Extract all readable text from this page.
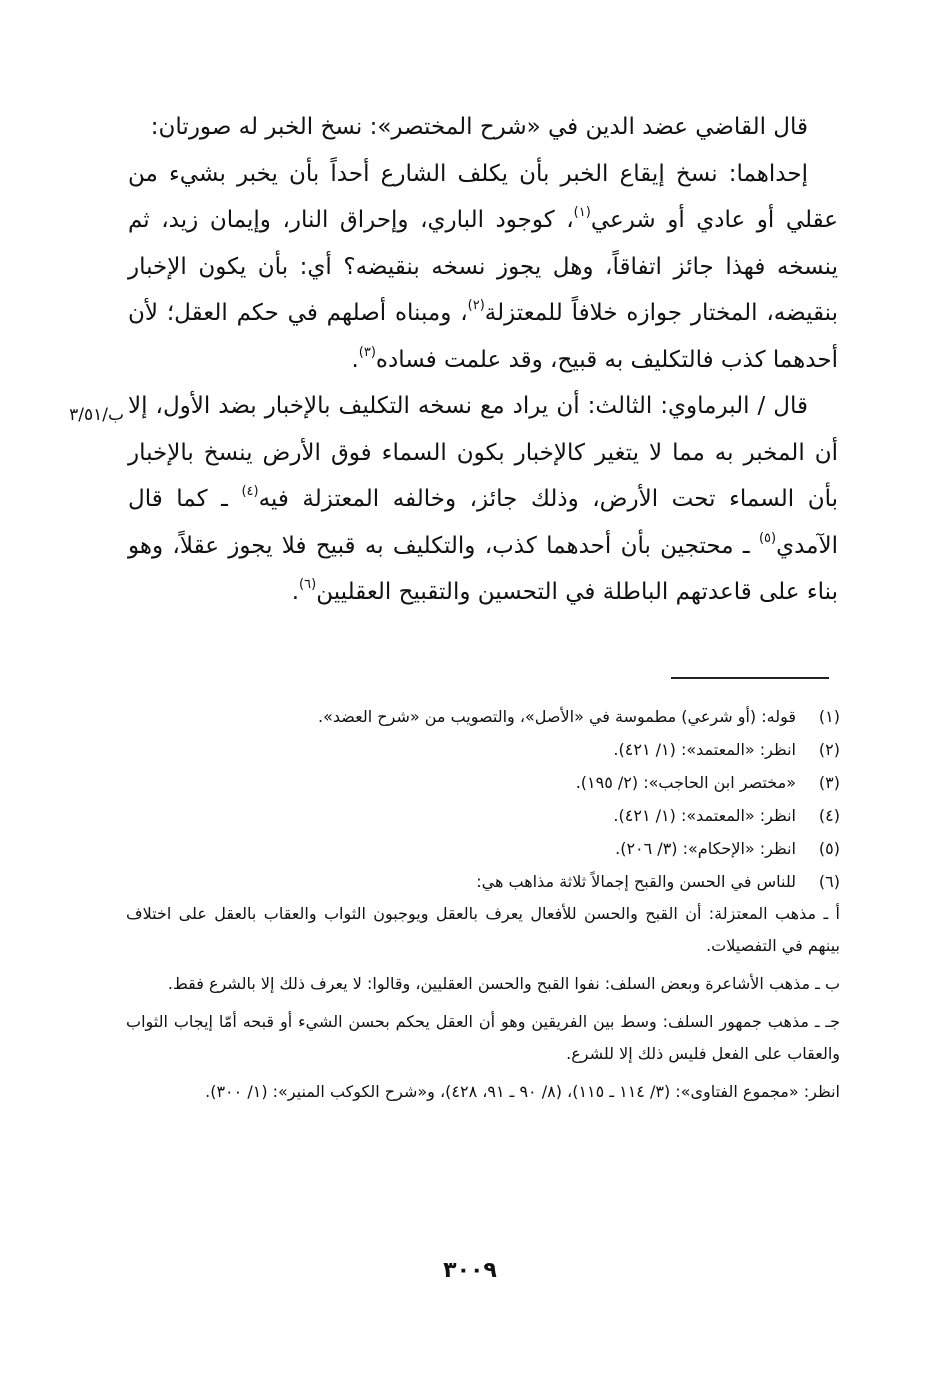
قال القاضي عضد الدين في «شرح المختصر»: نسخ الخبر له صورتان:

إحداهما: نسخ إيقاع الخبر بأن يكلف الشارع أحداً بأن يخبر بشيء من عقلي أو عادي أو شرعي$^{(١)}$، كوجود الباري، وإحراق النار، وإيمان زيد، ثم ينسخه فهذا جائز اتفاقاً، وهل يجوز نسخه بنقيضه؟ أي: بأن يكون الإخبار بنقيضه، المختار جوازه خلافاً للمعتزلة$^{(٢)}$، ومبناه أصلهم في حكم العقل؛ لأن أحدهما كذب فالتكليف به قبيح، وقد علمت فساده$^{(٣)}$.

قال / البرماوي: الثالث: أن يراد مع نسخه التكليف بالإخبار بضد الأول، إلا أن المخبر به مما لا يتغير كالإخبار بكون السماء فوق الأرض ينسخ بالإخبار بأن السماء تحت الأرض، وذلك جائز، وخالفه المعتزلة فيه$^{(٤)}$ ـ كما قال الآمدي$^{(٥)}$ ـ محتجين بأن أحدهما كذب، والتكليف به قبيح فلا يجوز عقلاً، وهو بناء على قاعدتهم الباطلة في التحسين والتقبيح العقليين$^{(٦)}$.

ب/٣/٥١
(١)
قوله: (أو شرعي) مطموسة في «الأصل»، والتصويب من «شرح العضد».
(٢)
انظر: «المعتمد»: (١/ ٤٢١).
(٣)
«مختصر ابن الحاجب»: (٢/ ١٩٥).
(٤)
انظر: «المعتمد»: (١/ ٤٢١).
(٥)
انظر: «الإحكام»: (٣/ ٢٠٦).
(٦)
للناس في الحسن والقبح إجمالاً ثلاثة مذاهب هي:
أ ـ مذهب المعتزلة: أن القبح والحسن للأفعال يعرف بالعقل ويوجبون الثواب والعقاب بالعقل على اختلاف بينهم في التفصيلات.
ب ـ مذهب الأشاعرة وبعض السلف: نفوا القبح والحسن العقليين، وقالوا: لا يعرف ذلك إلا بالشرع فقط.
جـ ـ مذهب جمهور السلف: وسط بين الفريقين وهو أن العقل يحكم بحسن الشيء أو قبحه أمّا إيجاب الثواب والعقاب على الفعل فليس ذلك إلا للشرع.
انظر: «مجموع الفتاوى»: (٣/ ١١٤ ـ ١١٥)، (٨/ ٩٠ ـ ٩١، ٤٢٨)، و«شرح الكوكب المنير»: (١/ ٣٠٠).
٣٠٠٩
